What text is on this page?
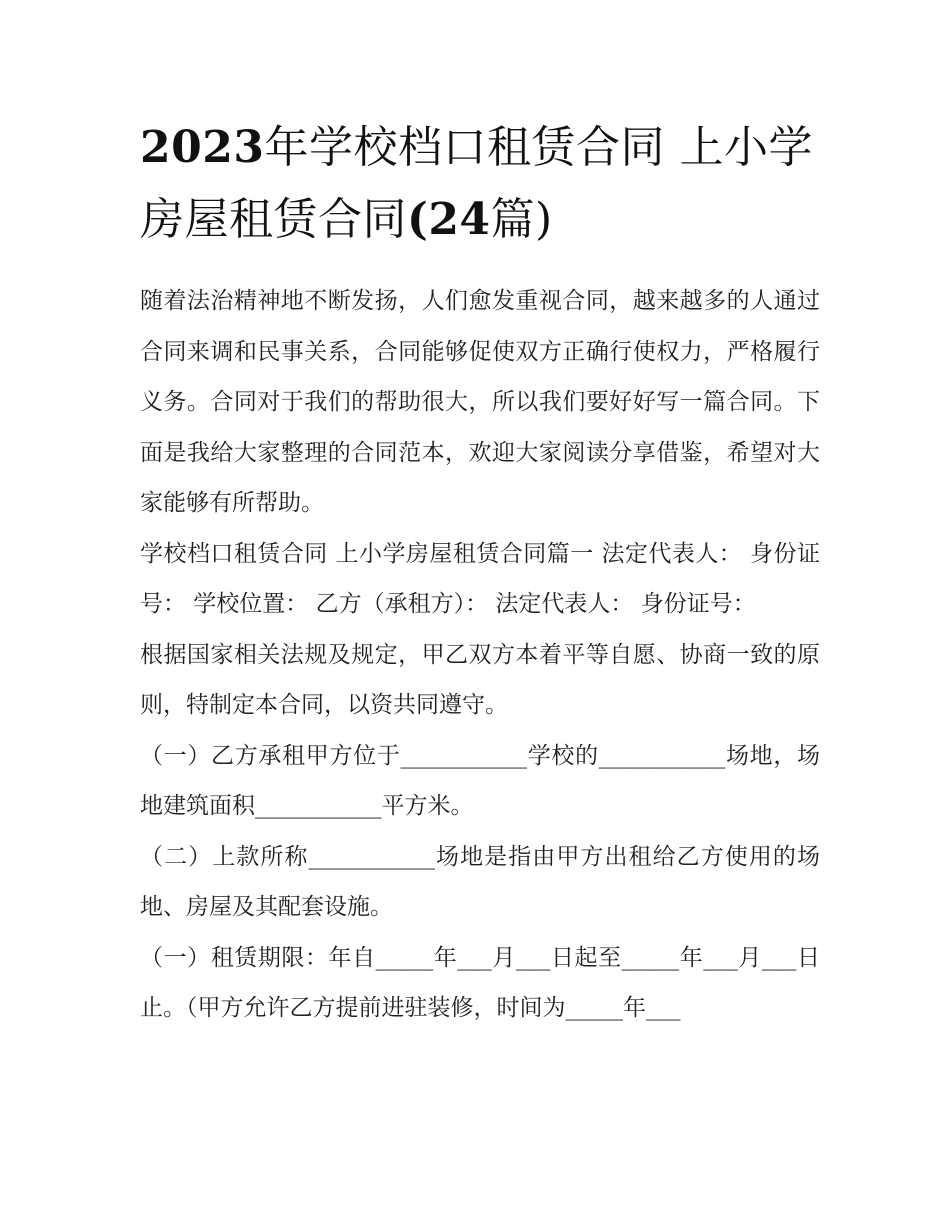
2023年学校档口租赁合同 上小学房屋租赁合同(24篇)

随着法治精神地不断发扬，人们愈发重视合同，越来越多的人通过合同来调和民事关系，合同能够促使双方正确行使权力，严格履行义务。合同对于我们的帮助很大，所以我们要好好写一篇合同。下面是我给大家整理的合同范本，欢迎大家阅读分享借鉴，希望对大家能够有所帮助。

学校档口租赁合同 上小学房屋租赁合同篇一 法定代表人： 身份证号： 学校位置： 乙方（承租方）： 法定代表人： 身份证号：

根据国家相关法规及规定，甲乙双方本着平等自愿、协商一致的原则，特制定本合同，以资共同遵守。

（一）乙方承租甲方位于___________学校的___________场地，场地建筑面积___________平方米。

（二）上款所称___________场地是指由甲方出租给乙方使用的场地、房屋及其配套设施。

（一）租赁期限：年自_____年___月___日起至_____年___月___日止。（甲方允许乙方提前进驻装修，时间为_____年___
